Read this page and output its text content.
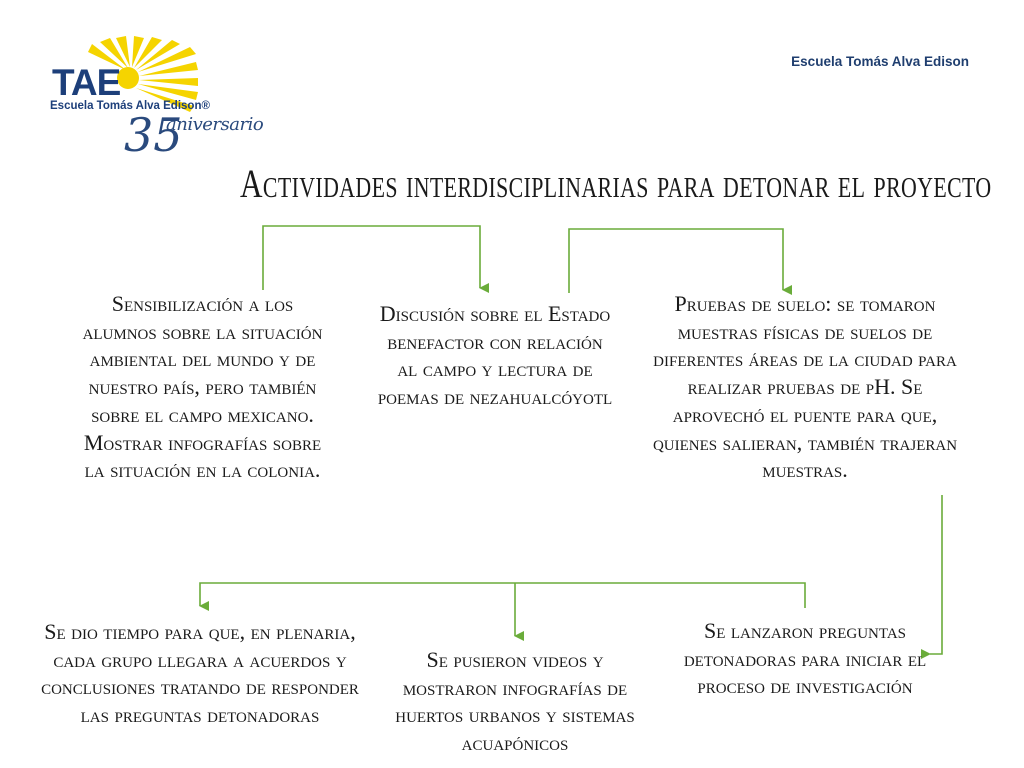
TAE
Escuela Tomás Alva Edison®
35
aniversario
Escuela Tomás Alva Edison
Actividades interdisciplinarias para detonar el proyecto
Sensibilización a los alumnos sobre la situación ambiental del mundo y de nuestro país, pero también sobre el campo mexicano. Mostrar infografías sobre la situación en la colonia.
Discusión sobre el Estado benefactor con relación al campo y lectura de poemas de nezahualcóyotl
Pruebas de suelo: se tomaron muestras físicas de suelos de diferentes áreas de la ciudad para realizar pruebas de pH. Se aprovechó el puente para que, quienes salieran, también trajeran muestras.
Se dio tiempo para que, en plenaria, cada grupo llegara a acuerdos y conclusiones tratando de responder las preguntas detonadoras
Se pusieron videos y mostraron infografías de huertos urbanos y sistemas acuapónicos
Se lanzaron preguntas detonadoras para iniciar el proceso de investigación
